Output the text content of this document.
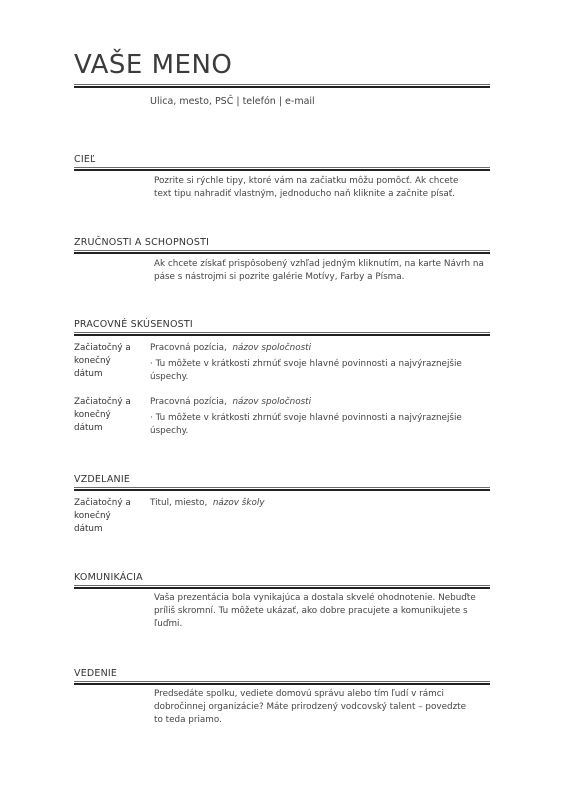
VAŠE MENO
Ulica, mesto, PSČ | telefón | e-mail
CIEĽ
Pozrite si rýchle tipy, ktoré vám na začiatku môžu pomôcť. Ak chcete text tipu nahradiť vlastným, jednoducho naň kliknite a začnite písať.
ZRUČNOSTI A SCHOPNOSTI
Ak chcete získať prispôsobený vzhľad jedným kliknutím, na karte Návrh na páse s nástrojmi si pozrite galérie Motívy, Farby a Písma.
PRACOVNÉ SKÚSENOSTI
Začiatočný a konečný dátum
Pracovná pozícia, názov spoločnosti
· Tu môžete v krátkosti zhrnúť svoje hlavné povinnosti a najvýraznejšie úspechy.
Začiatočný a konečný dátum
Pracovná pozícia, názov spoločnosti
· Tu môžete v krátkosti zhrnúť svoje hlavné povinnosti a najvýraznejšie úspechy.
VZDELANIE
Začiatočný a konečný dátum
Titul, miesto, názov školy
KOMUNIKÁCIA
Vaša prezentácia bola vynikajúca a dostala skvelé ohodnotenie. Nebuďte príliš skromní. Tu môžete ukázať, ako dobre pracujete a komunikujete s ľuďmi.
VEDENIE
Predsedáte spolku, vediete domovú správu alebo tím ľudí v rámci dobročinnej organizácie? Máte prirodzený vodcovský talent – povedzte to teda priamo.
